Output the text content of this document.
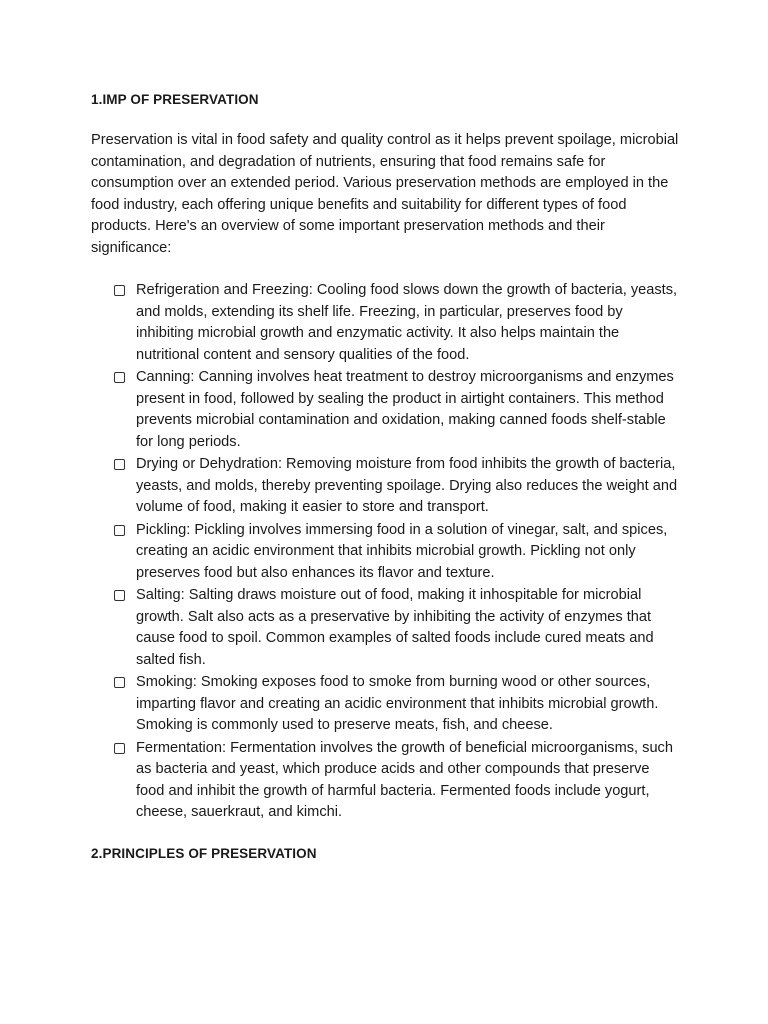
1.IMP OF PRESERVATION

Preservation is vital in food safety and quality control as it helps prevent spoilage, microbial contamination, and degradation of nutrients, ensuring that food remains safe for consumption over an extended period. Various preservation methods are employed in the food industry, each offering unique benefits and suitability for different types of food products. Here's an overview of some important preservation methods and their significance:

Refrigeration and Freezing: Cooling food slows down the growth of bacteria, yeasts, and molds, extending its shelf life. Freezing, in particular, preserves food by inhibiting microbial growth and enzymatic activity. It also helps maintain the nutritional content and sensory qualities of the food.
Canning: Canning involves heat treatment to destroy microorganisms and enzymes present in food, followed by sealing the product in airtight containers. This method prevents microbial contamination and oxidation, making canned foods shelf-stable for long periods.
Drying or Dehydration: Removing moisture from food inhibits the growth of bacteria, yeasts, and molds, thereby preventing spoilage. Drying also reduces the weight and volume of food, making it easier to store and transport.
Pickling: Pickling involves immersing food in a solution of vinegar, salt, and spices, creating an acidic environment that inhibits microbial growth. Pickling not only preserves food but also enhances its flavor and texture.
Salting: Salting draws moisture out of food, making it inhospitable for microbial growth. Salt also acts as a preservative by inhibiting the activity of enzymes that cause food to spoil. Common examples of salted foods include cured meats and salted fish.
Smoking: Smoking exposes food to smoke from burning wood or other sources, imparting flavor and creating an acidic environment that inhibits microbial growth. Smoking is commonly used to preserve meats, fish, and cheese.
Fermentation: Fermentation involves the growth of beneficial microorganisms, such as bacteria and yeast, which produce acids and other compounds that preserve food and inhibit the growth of harmful bacteria. Fermented foods include yogurt, cheese, sauerkraut, and kimchi.
2.PRINCIPLES OF PRESERVATION
